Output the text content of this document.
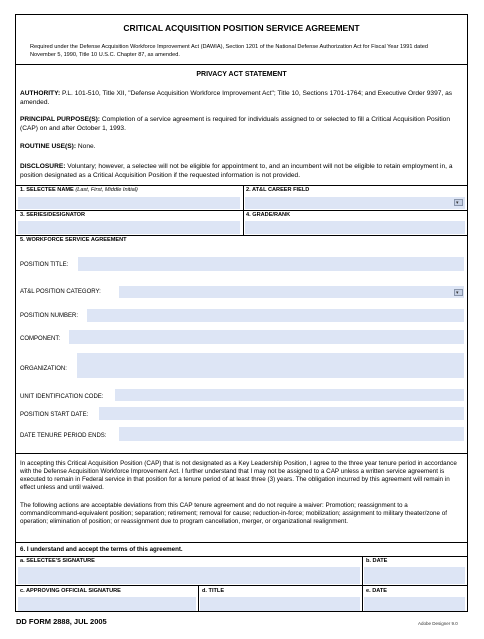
CRITICAL ACQUISITION POSITION SERVICE AGREEMENT
Required under the Defense Acquisition Workforce Improvement Act (DAWIA), Section 1201 of the National Defense Authorization Act for Fiscal Year 1991 dated November 5, 1990, Title 10 U.S.C. Chapter 87, as amended.
PRIVACY ACT STATEMENT
AUTHORITY: P.L. 101-510, Title XII, "Defense Acquisition Workforce Improvement Act"; Title 10, Sections 1701-1764; and Executive Order 9397, as amended.
PRINCIPAL PURPOSE(S): Completion of a service agreement is required for individuals assigned to or selected to fill a Critical Acquisition Position (CAP) on and after October 1, 1993.
ROUTINE USE(S): None.
DISCLOSURE: Voluntary; however, a selectee will not be eligible for appointment to, and an incumbent will not be eligible to retain employment in, a position designated as a Critical Acquisition Position if the requested information is not provided.
1. SELECTEE NAME (Last, First, Middle Initial)	2. AT&L CAREER FIELD
▾
3. SERIES/DESIGNATOR	4. GRADE/RANK
5. WORKFORCE SERVICE AGREEMENT
POSITION TITLE:
AT&L POSITION CATEGORY:	▾
POSITION NUMBER:
COMPONENT:
ORGANIZATION:
UNIT IDENTIFICATION CODE:
POSITION START DATE:
DATE TENURE PERIOD ENDS:
In accepting this Critical Acquisition Position (CAP) that is not designated as a Key Leadership Position, I agree to the three year tenure period in accordance with the Defense Acquisition Workforce Improvement Act. I further understand that I may not be assigned to a CAP unless a written service agreement is executed to remain in Federal service in that position for a tenure period of at least three (3) years. The obligation incurred by this agreement will remain in effect unless and until waived.
The following actions are acceptable deviations from this CAP tenure agreement and do not require a waiver: Promotion; reassignment to a command/command-equivalent position; separation; retirement; removal for cause; reduction-in-force; mobilization; assignment to military theater/zone of operation; elimination of position; or reassignment due to program cancellation, merger, or organizational realignment.
6. I understand and accept the terms of this agreement.
a. SELECTEE'S SIGNATURE	b. DATE
c. APPROVING OFFICIAL SIGNATURE	d. TITLE	e. DATE
DD FORM 2888, JUL 2005	Adobe Designer 9.0
